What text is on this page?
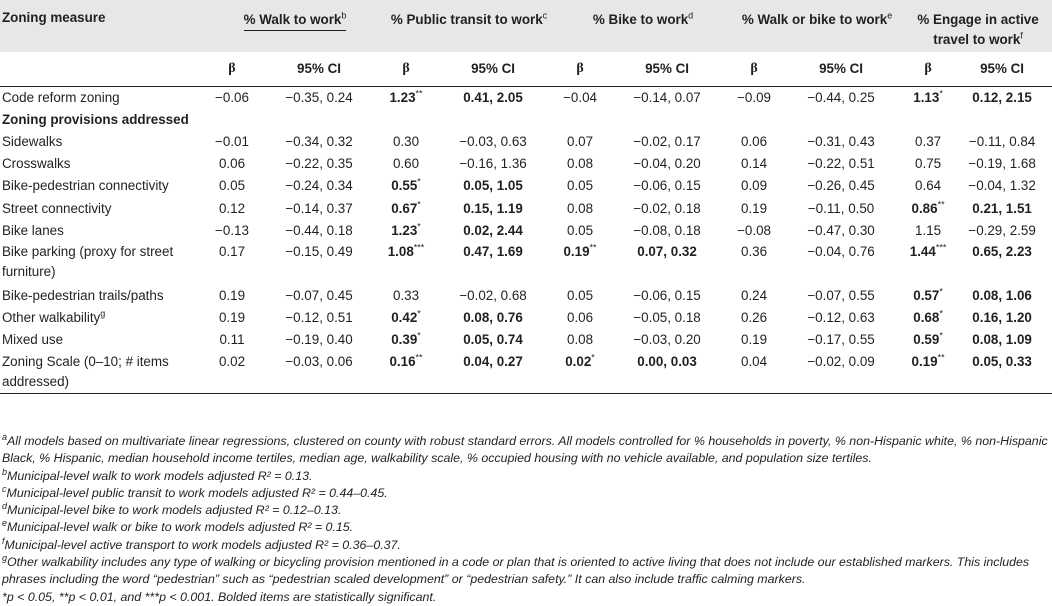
Zoning measure	% Walk to work$^b$		% Public transit to work$^c$		% Bike to work$^d$		% Walk or bike to work$^e$		% Engage in active travel to work$^f$
	β	95% CI	β	95% CI	β	95% CI	β	95% CI	β	95% CI
Code reform zoning	−0.06	−0.35, 0.24	1.23**	0.41, 2.05	−0.04	−0.14, 0.07	−0.09	−0.44, 0.25	1.13*	0.12, 2.15
Zoning provisions addressed										
Sidewalks	−0.01	−0.34, 0.32	0.30	−0.03, 0.63	0.07	−0.02, 0.17	0.06	−0.31, 0.43	0.37	−0.11, 0.84
Crosswalks	0.06	−0.22, 0.35	0.60	−0.16, 1.36	0.08	−0.04, 0.20	0.14	−0.22, 0.51	0.75	−0.19, 1.68
Bike-pedestrian connectivity	0.05	−0.24, 0.34	0.55*	0.05, 1.05	0.05	−0.06, 0.15	0.09	−0.26, 0.45	0.64	−0.04, 1.32
Street connectivity	0.12	−0.14, 0.37	0.67*	0.15, 1.19	0.08	−0.02, 0.18	0.19	−0.11, 0.50	0.86**	0.21, 1.51
Bike lanes	−0.13	−0.44, 0.18	1.23*	0.02, 2.44	0.05	−0.08, 0.18	−0.08	−0.47, 0.30	1.15	−0.29, 2.59
Bike parking (proxy for street furniture)	0.17	−0.15, 0.49	1.08***	0.47, 1.69	0.19**	0.07, 0.32	0.36	−0.04, 0.76	1.44***	0.65, 2.23
Bike-pedestrian trails/paths	0.19	−0.07, 0.45	0.33	−0.02, 0.68	0.05	−0.06, 0.15	0.24	−0.07, 0.55	0.57*	0.08, 1.06
Other walkability$^g$	0.19	−0.12, 0.51	0.42*	0.08, 0.76	0.06	−0.05, 0.18	0.26	−0.12, 0.63	0.68*	0.16, 1.20
Mixed use	0.11	−0.19, 0.40	0.39*	0.05, 0.74	0.08	−0.03, 0.20	0.19	−0.17, 0.55	0.59*	0.08, 1.09
Zoning Scale (0–10; # items addressed)	0.02	−0.03, 0.06	0.16**	0.04, 0.27	0.02*	0.00, 0.03	0.04	−0.02, 0.09	0.19**	0.05, 0.33
$^a$All models based on multivariate linear regressions, clustered on county with robust standard errors. All models controlled for % households in poverty, % non-Hispanic white, % non-Hispanic Black, % Hispanic, median household income tertiles, median age, walkability scale, % occupied housing with no vehicle available, and population size tertiles.
$^b$Municipal-level walk to work models adjusted R² = 0.13.
$^c$Municipal-level public transit to work models adjusted R² = 0.44–0.45.
$^d$Municipal-level bike to work models adjusted R² = 0.12–0.13.
$^e$Municipal-level walk or bike to work models adjusted R² = 0.15.
$^f$Municipal-level active transport to work models adjusted R² = 0.36–0.37.
$^g$Other walkability includes any type of walking or bicycling provision mentioned in a code or plan that is oriented to active living that does not include our established markers. This includes phrases including the word “pedestrian” such as “pedestrian scaled development” or “pedestrian safety.” It can also include traffic calming markers.
*p < 0.05, **p < 0.01, and ***p < 0.001. Bolded items are statistically significant.
